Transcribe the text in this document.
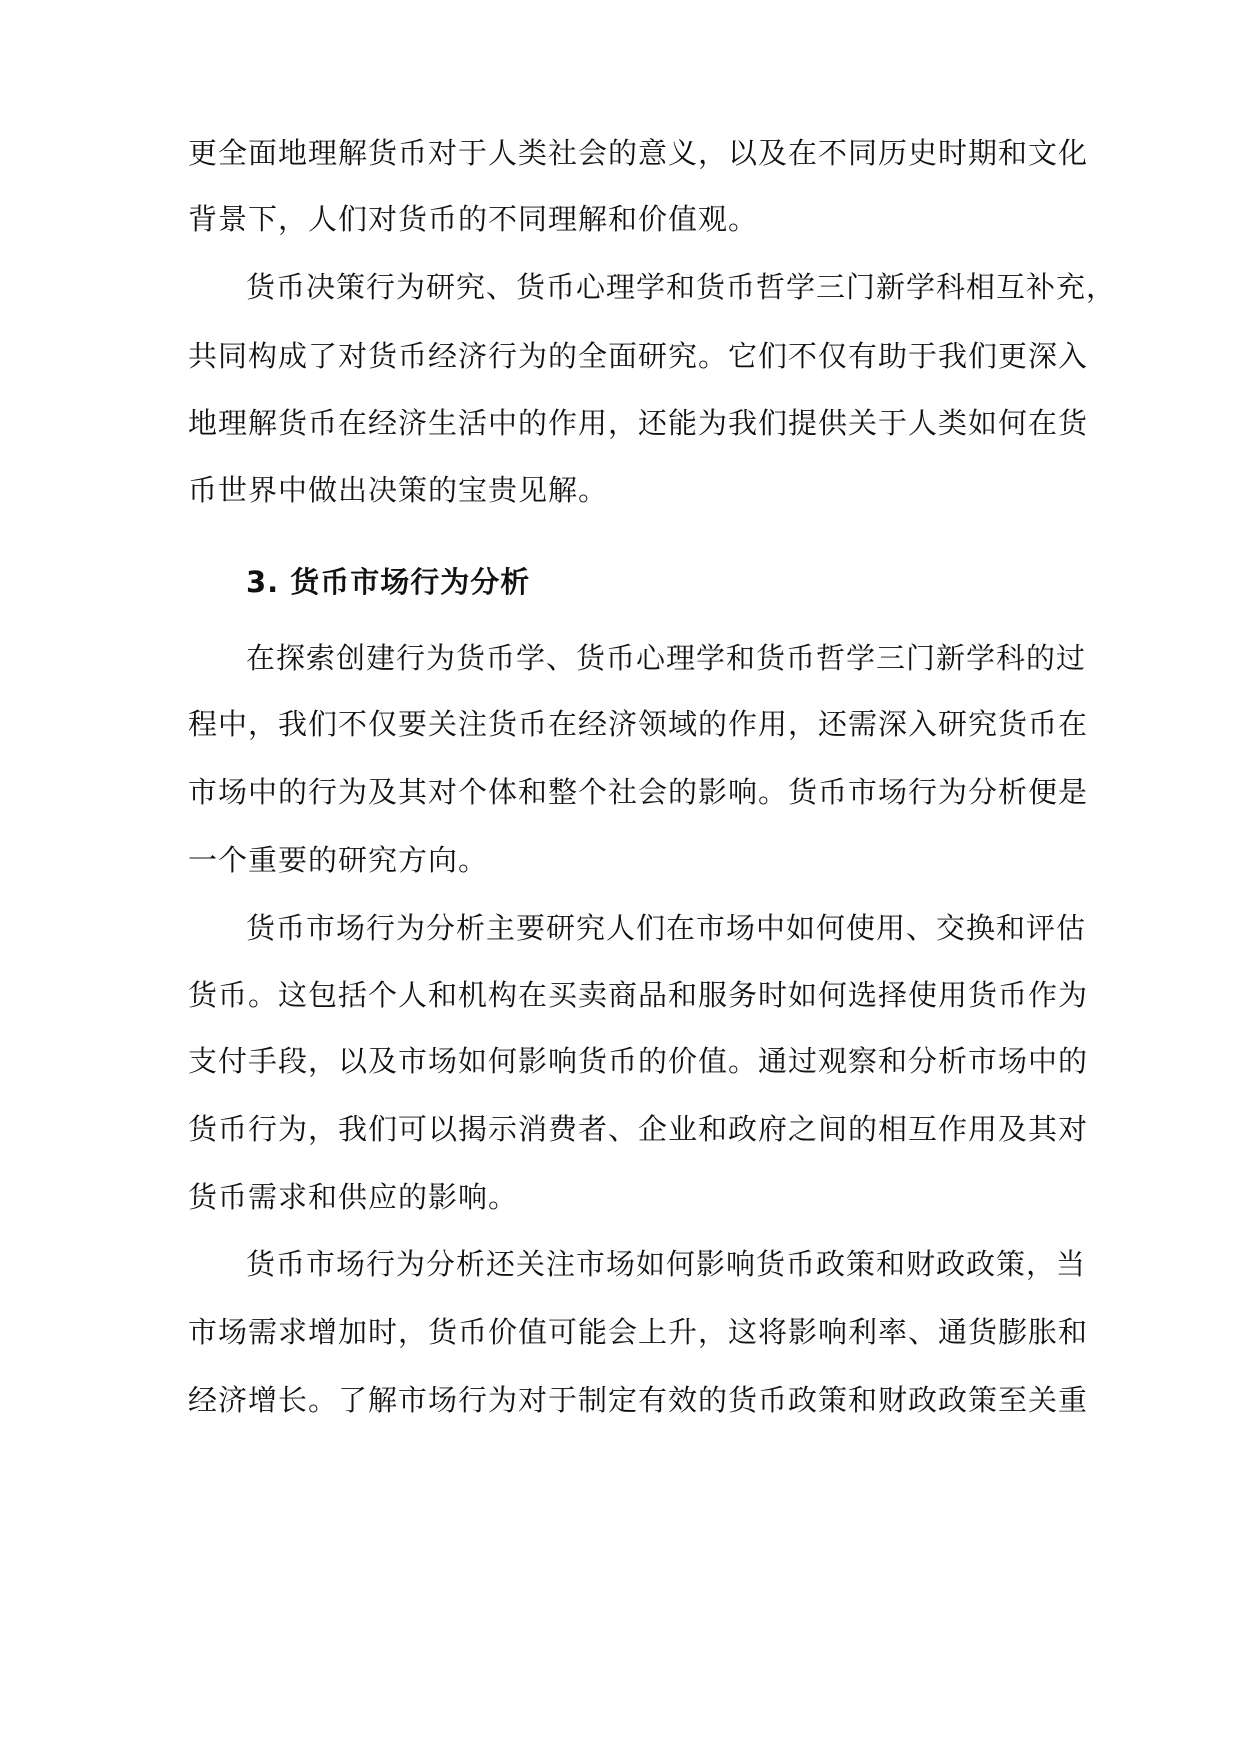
更全面地理解货币对于人类社会的意义，以及在不同历史时期和文化
背景下，人们对货币的不同理解和价值观。
货币决策行为研究、货币心理学和货币哲学三门新学科相互补充，
共同构成了对货币经济行为的全面研究。它们不仅有助于我们更深入
地理解货币在经济生活中的作用，还能为我们提供关于人类如何在货
币世界中做出决策的宝贵见解。
3. 货币市场行为分析
在探索创建行为货币学、货币心理学和货币哲学三门新学科的过
程中，我们不仅要关注货币在经济领域的作用，还需深入研究货币在
市场中的行为及其对个体和整个社会的影响。货币市场行为分析便是
一个重要的研究方向。
货币市场行为分析主要研究人们在市场中如何使用、交换和评估
货币。这包括个人和机构在买卖商品和服务时如何选择使用货币作为
支付手段，以及市场如何影响货币的价值。通过观察和分析市场中的
货币行为，我们可以揭示消费者、企业和政府之间的相互作用及其对
货币需求和供应的影响。
货币市场行为分析还关注市场如何影响货币政策和财政政策，当
市场需求增加时，货币价值可能会上升，这将影响利率、通货膨胀和
经济增长。了解市场行为对于制定有效的货币政策和财政政策至关重
